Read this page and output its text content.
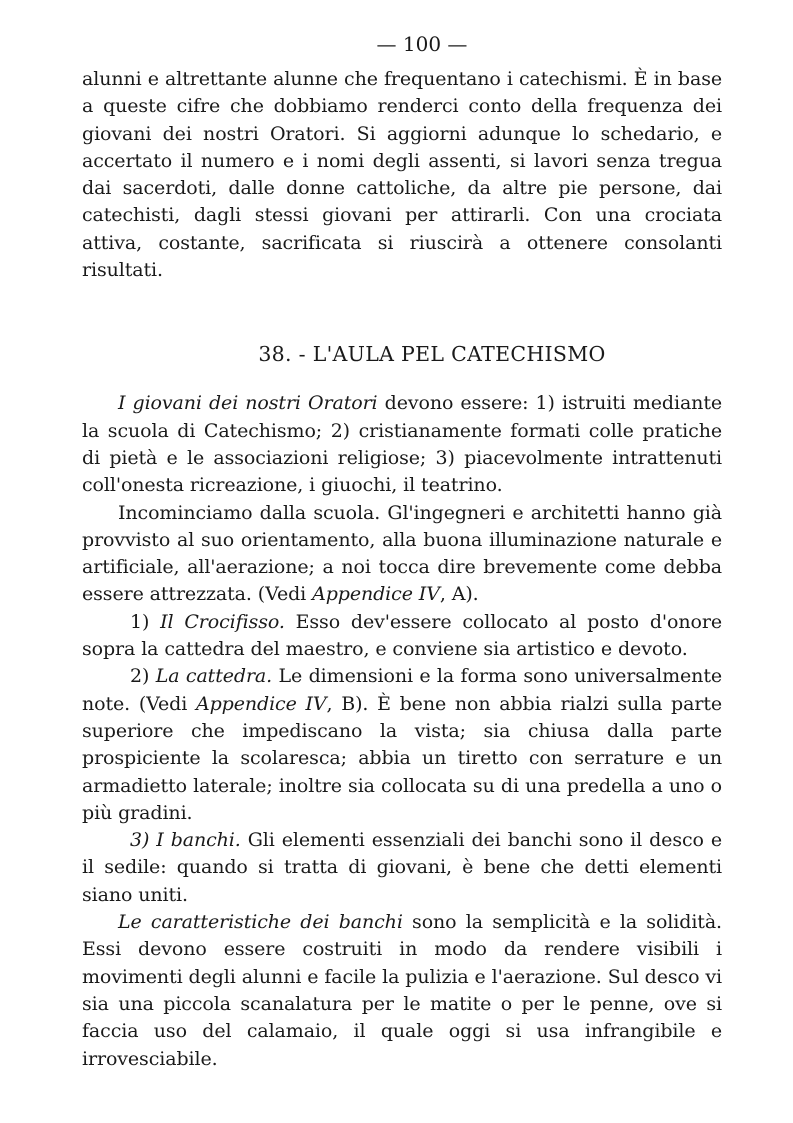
— 100 —

alunni e altrettante alunne che frequentano i catechismi. È in base a queste cifre che dobbiamo renderci conto della frequenza dei giovani dei nostri Oratori. Si aggiorni adunque lo schedario, e accertato il numero e i nomi degli assenti, si lavori senza tregua dai sacerdoti, dalle donne cattoliche, da altre pie persone, dai catechisti, dagli stessi giovani per attirarli. Con una crociata attiva, costante, sacrificata si riuscirà a ottenere consolanti risultati.

38. - L'AULA PEL CATECHISMO

I giovani dei nostri Oratori devono essere: 1) istruiti mediante la scuola di Catechismo; 2) cristianamente formati colle pratiche di pietà e le associazioni religiose; 3) piacevolmente intrattenuti coll'onesta ricreazione, i giuochi, il teatrino.

Incominciamo dalla scuola. Gl'ingegneri e architetti hanno già provvisto al suo orientamento, alla buona illuminazione naturale e artificiale, all'aerazione; a noi tocca dire brevemente come debba essere attrezzata. (Vedi Appendice IV, A).

1) Il Crocifisso. Esso dev'essere collocato al posto d'onore sopra la cattedra del maestro, e conviene sia artistico e devoto.

2) La cattedra. Le dimensioni e la forma sono universalmente note. (Vedi Appendice IV, B). È bene non abbia rialzi sulla parte superiore che impediscano la vista; sia chiusa dalla parte prospiciente la scolaresca; abbia un tiretto con serrature e un armadietto laterale; inoltre sia collocata su di una predella a uno o più gradini.

3) I banchi. Gli elementi essenziali dei banchi sono il desco e il sedile: quando si tratta di giovani, è bene che detti elementi siano uniti.

Le caratteristiche dei banchi sono la semplicità e la solidità. Essi devono essere costruiti in modo da rendere visibili i movimenti degli alunni e facile la pulizia e l'aerazione. Sul desco vi sia una piccola scanalatura per le matite o per le penne, ove si faccia uso del calamaio, il quale oggi si usa infrangibile e irrovesciabile.
